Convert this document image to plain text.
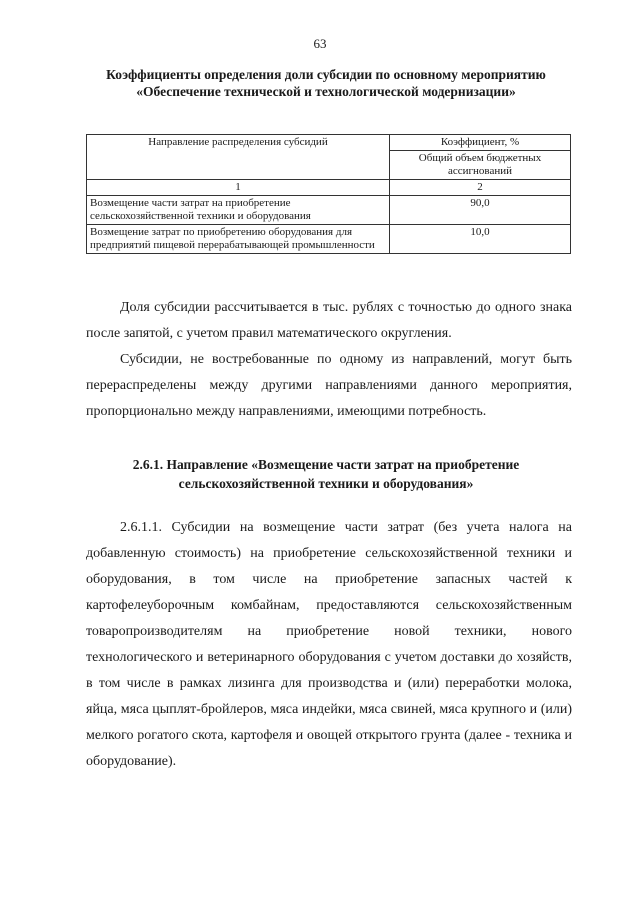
63
Коэффициенты определения доли субсидии по основному мероприятию «Обеспечение технической и технологической модернизации»
Направление распределения субсидий	Коэффициент, %
	Общий объем бюджетных ассигнований
1	2
Возмещение части затрат на приобретение сельскохозяйственной техники и оборудования	90,0
Возмещение затрат по приобретению оборудования для предприятий пищевой перерабатывающей промышленности	10,0
Доля субсидии рассчитывается в тыс. рублях с точностью до одного знака после запятой, с учетом правил математического округления.
Субсидии, не востребованные по одному из направлений, могут быть перераспределены между другими направлениями данного мероприятия, пропорционально между направлениями, имеющими потребность.
2.6.1. Направление «Возмещение части затрат на приобретение сельскохозяйственной техники и оборудования»
2.6.1.1. Субсидии на возмещение части затрат (без учета налога на добавленную стоимость) на приобретение сельскохозяйственной техники и оборудования, в том числе на приобретение запасных частей к картофелеуборочным комбайнам, предоставляются сельскохозяйственным товаропроизводителям на приобретение новой техники, нового технологического и ветеринарного оборудования с учетом доставки до хозяйств, в том числе в рамках лизинга для производства и (или) переработки молока, яйца, мяса цыплят-бройлеров, мяса индейки, мяса свиней, мяса крупного и (или) мелкого рогатого скота, картофеля и овощей открытого грунта (далее - техника и оборудование).
